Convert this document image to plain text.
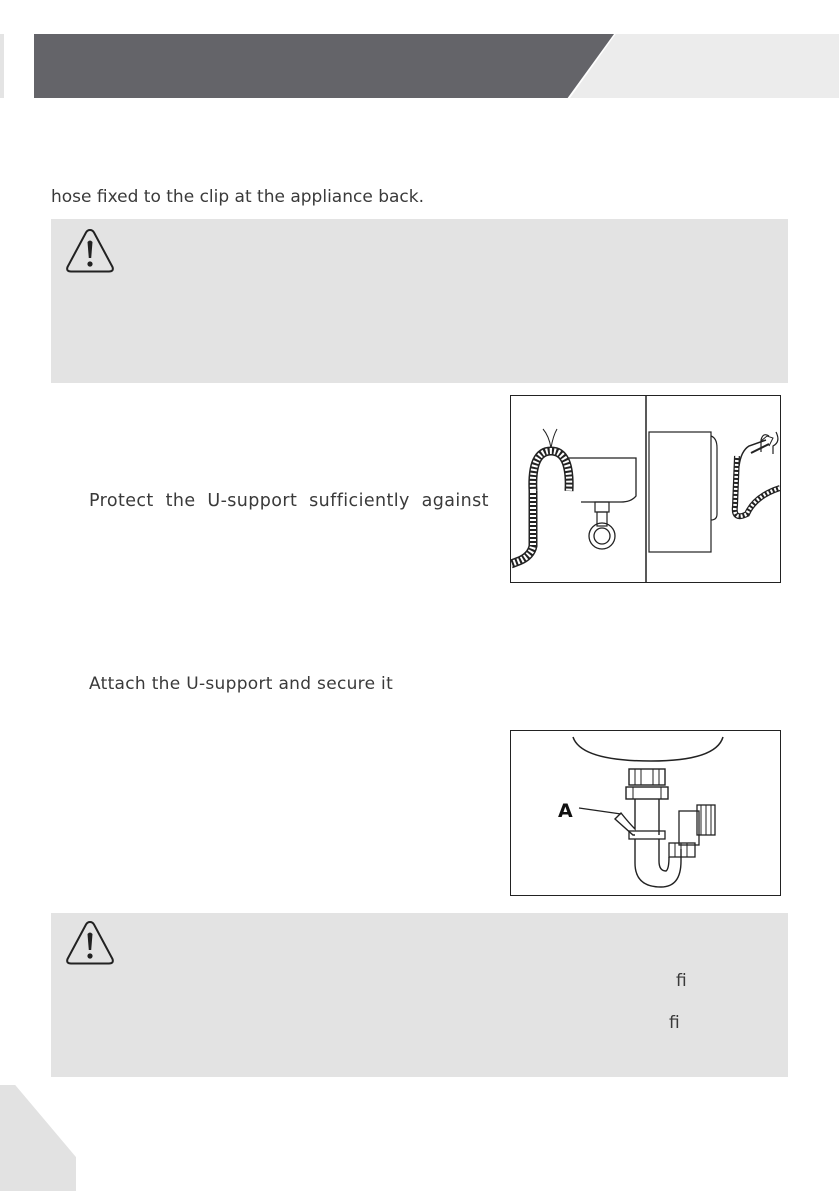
hose fixed to the clip at the appliance back.
Protect the U-support sufficiently against
Attach the U-support and secure it
A
ﬁ
ﬁ
